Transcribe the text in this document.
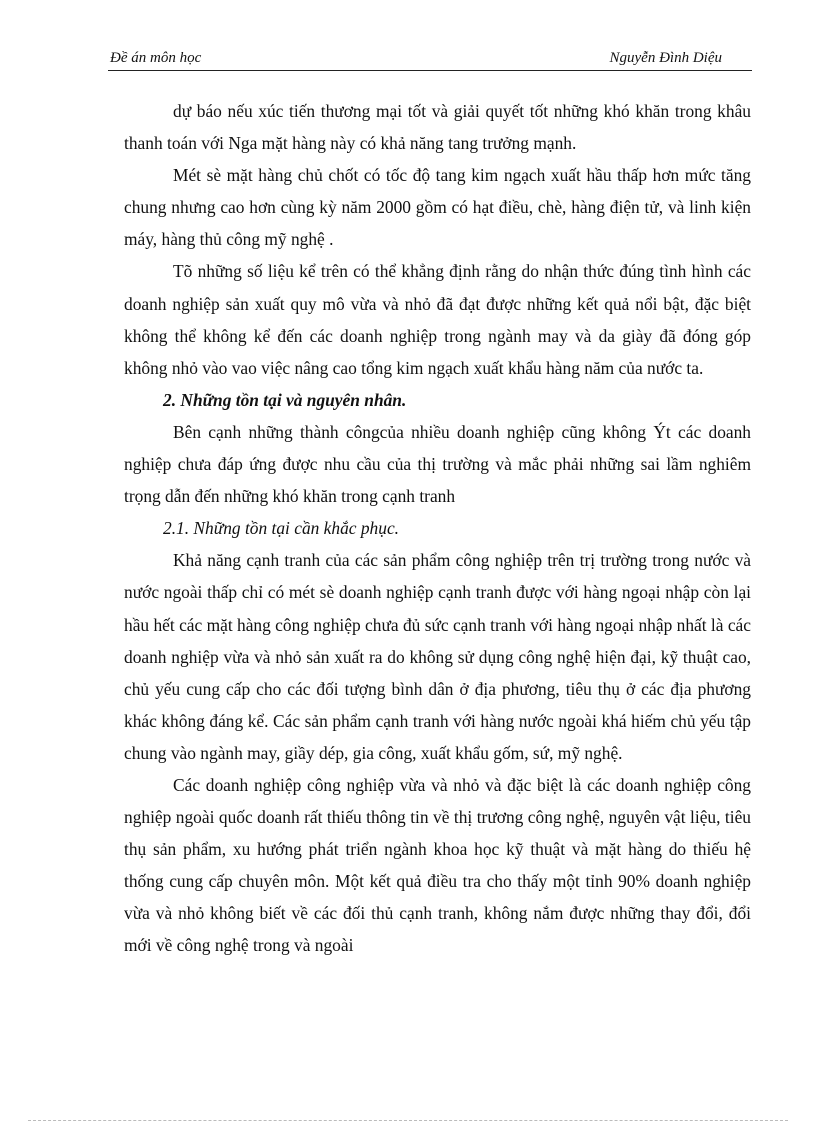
Đề án môn học	Nguyễn Đình Diệu

dự báo nếu xúc tiến thương mại tốt và giải quyết tốt những khó khăn trong khâu thanh toán với Nga mặt hàng này có khả năng tang trưởng mạnh.

Mét sè mặt hàng chủ chốt có tốc độ tang kim ngạch xuất hầu thấp hơn mức tăng chung nhưng cao hơn cùng kỳ năm 2000 gồm có hạt điều, chè, hàng điện tử, và linh kiện máy, hàng thủ công mỹ nghệ .

Tõ những số liệu kể trên có thể khẳng định rằng do nhận thức đúng tình hình các doanh nghiệp sản xuất quy mô vừa và nhỏ đã đạt được những kết quả nổi bật, đặc biệt không thể không kể đến các doanh nghiệp trong ngành may và da giày đã đóng góp không nhỏ vào vao việc nâng cao tổng kim ngạch xuất khẩu hàng năm của nước ta.

2. Những tồn tại và nguyên nhân.

Bên cạnh những thành côngcủa nhiều doanh nghiệp cũng không Ýt các doanh nghiệp chưa đáp ứng được nhu cầu của thị trường và mắc phải những sai lầm nghiêm trọng dẫn đến những khó khăn trong cạnh tranh

2.1. Những tồn tại cần khắc phục.

Khả năng cạnh tranh của các sản phẩm công nghiệp trên trị trường trong nước và nước ngoài thấp chỉ có mét sè doanh nghiệp cạnh tranh được với hàng ngoại nhập còn lại hầu hết các mặt hàng công nghiệp chưa đủ sức cạnh tranh với hàng ngoại nhập nhất là các doanh nghiệp vừa và nhỏ sản xuất ra do không sử dụng công nghệ hiện đại, kỹ thuật cao, chủ yếu cung cấp cho các đối tượng bình dân ở địa phương, tiêu thụ ở các địa phương khác không đáng kể. Các sản phẩm cạnh tranh với hàng nước ngoài khá hiếm chủ yếu tập chung vào ngành may, giầy dép, gia công, xuất khẩu gốm, sứ, mỹ nghệ.

Các doanh nghiệp công nghiệp vừa và nhỏ và đặc biệt là các doanh nghiệp công nghiệp ngoài quốc doanh rất thiếu thông tin về thị trương công nghệ, nguyên vật liệu, tiêu thụ sản phẩm, xu hướng phát triển ngành khoa học kỹ thuật và mặt hàng do thiếu hệ thống cung cấp chuyên môn. Một kết quả điều tra cho thấy một tỉnh 90% doanh nghiệp vừa và nhỏ không biết về các đối thủ cạnh tranh, không nắm được những thay đổi, đổi mới về công nghệ trong và ngoài
